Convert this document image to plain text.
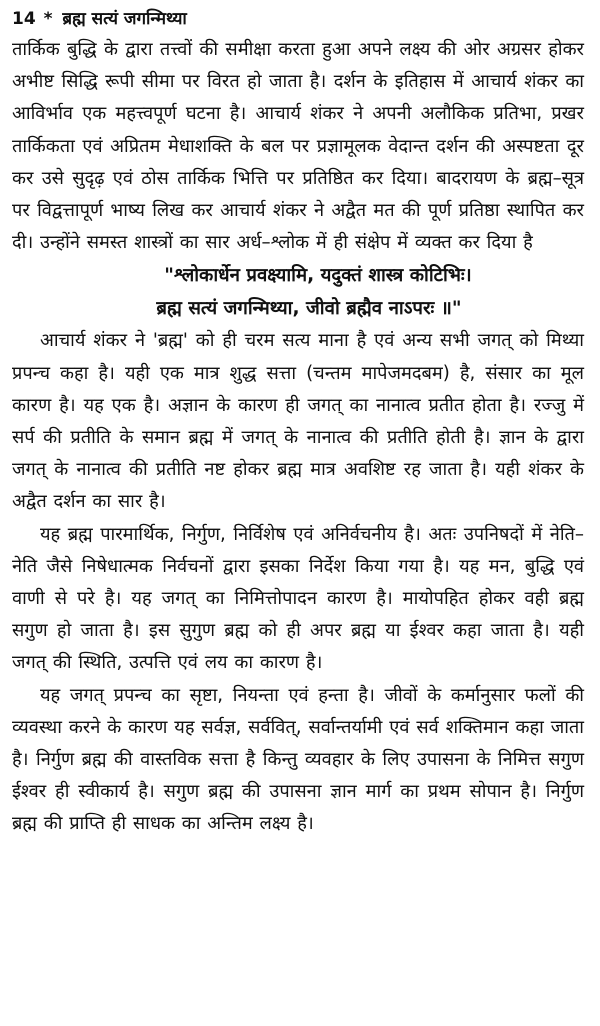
14 * ब्रह्म सत्यं जगन्मिथ्या

तार्किक बुद्धि के द्वारा तत्त्वों की समीक्षा करता हुआ अपने लक्ष्य की ओर अग्रसर होकर अभीष्ट सिद्धि रूपी सीमा पर विरत हो जाता है। दर्शन के इतिहास में आचार्य शंकर का आविर्भाव एक महत्त्वपूर्ण घटना है। आचार्य शंकर ने अपनी अलौकिक प्रतिभा, प्रखर तार्किकता एवं अप्रितम मेधाशक्ति के बल पर प्रज्ञामूलक वेदान्त दर्शन की अस्पष्टता दूर कर उसे सुदृढ़ एवं ठोस तार्किक भित्ति पर प्रतिष्ठित कर दिया। बादरायण के ब्रह्म–सूत्र पर विद्वत्तापूर्ण भाष्य लिख कर आचार्य शंकर ने अद्वैत मत की पूर्ण प्रतिष्ठा स्थापित कर दी। उन्होंने समस्त शास्त्रों का सार अर्ध–श्लोक में ही संक्षेप में व्यक्त कर दिया है

"श्लोकार्धेन प्रवक्ष्यामि, यदुक्तं शास्त्र कोटिभिः।

ब्रह्म सत्यं जगन्मिथ्या, जीवो ब्रह्मैव नाऽपरः ॥"

आचार्य शंकर ने 'ब्रह्म' को ही चरम सत्य माना है एवं अन्य सभी जगत् को मिथ्या प्रपन्च कहा है। यही एक मात्र शुद्ध सत्ता (चन्तम मापेजमदबम) है, संसार का मूल कारण है। यह एक है। अज्ञान के कारण ही जगत् का नानात्व प्रतीत होता है। रज्जु में सर्प की प्रतीति के समान ब्रह्म में जगत् के नानात्व की प्रतीति होती है। ज्ञान के द्वारा जगत् के नानात्व की प्रतीति नष्ट होकर ब्रह्म मात्र अवशिष्ट रह जाता है। यही शंकर के अद्वैत दर्शन का सार है।

यह ब्रह्म पारमार्थिक, निर्गुण, निर्विशेष एवं अनिर्वचनीय है। अतः उपनिषदों में नेति–नेति जैसे निषेधात्मक निर्वचनों द्वारा इसका निर्देश किया गया है। यह मन, बुद्धि एवं वाणी से परे है। यह जगत् का निमित्तोपादन कारण है। मायोपहित होकर वही ब्रह्म सगुण हो जाता है। इस सुगुण ब्रह्म को ही अपर ब्रह्म या ईश्वर कहा जाता है। यही जगत् की स्थिति, उत्पत्ति एवं लय का कारण है।

यह जगत् प्रपन्च का सृष्टा, नियन्ता एवं हन्ता है। जीवों के कर्मानुसार फलों की व्यवस्था करने के कारण यह सर्वज्ञ, सर्ववित्, सर्वान्तर्यामी एवं सर्व शक्तिमान कहा जाता है। निर्गुण ब्रह्म की वास्तविक सत्ता है किन्तु व्यवहार के लिए उपासना के निमित्त सगुण ईश्वर ही स्वीकार्य है। सगुण ब्रह्म की उपासना ज्ञान मार्ग का प्रथम सोपान है। निर्गुण ब्रह्म की प्राप्ति ही साधक का अन्तिम लक्ष्य है।
